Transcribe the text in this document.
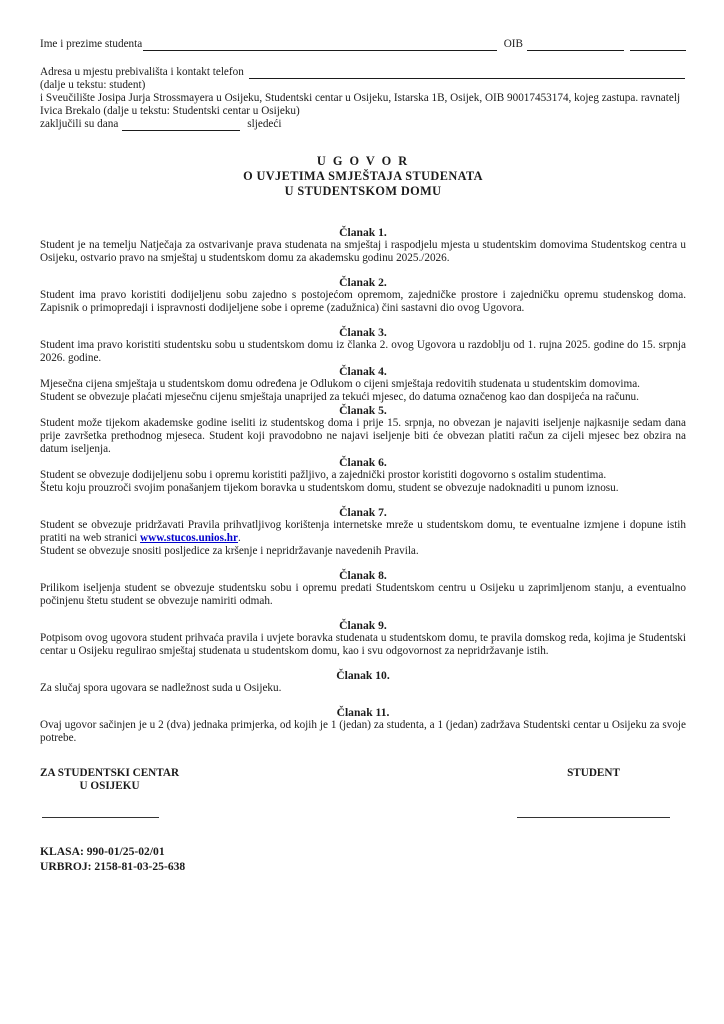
Ime i prezime studenta	OIB
Adresa u mjestu prebivališta i kontakt telefon
(dalje u tekstu: student)
i Sveučilište Josipa Jurja Strossmayera u Osijeku, Studentski centar u Osijeku, Istarska 1B, Osijek, OIB 90017453174, kojeg zastupa. ravnatelj
Ivica Brekalo (dalje u tekstu: Studentski centar u Osijeku)
zaključili su dana	sljedeći
U G O V O R
O UVJETIMA SMJEŠTAJA STUDENATA
U STUDENTSKOM DOMU
Članak 1.

Student je na temelju Natječaja za ostvarivanje prava studenata na smještaj i raspodjelu mjesta u studentskim domovima Studentskog centra u Osijeku, ostvario pravo na smještaj u studentskom domu za akademsku godinu 2025./2026.

Članak 2.

Student ima pravo koristiti dodijeljenu sobu zajedno s postojećom opremom, zajedničke prostore i zajedničku opremu studenskog doma. Zapisnik o primopredaji i ispravnosti dodijeljene sobe i opreme (zadužnica) čini sastavni dio ovog Ugovora.

Članak 3.

Student ima pravo koristiti studentsku sobu u studentskom domu iz članka 2. ovog Ugovora u razdoblju od 1. rujna 2025. godine do 15. srpnja 2026. godine.

Članak 4.

Mjesečna cijena smještaja u studentskom domu određena je Odlukom o cijeni smještaja redovitih studenata u studentskim domovima.

Student se obvezuje plaćati mjesečnu cijenu smještaja unaprijed za tekući mjesec, do datuma označenog kao dan dospijeća na računu.

Članak 5.

Student može tijekom akademske godine iseliti iz studentskog doma i prije 15. srpnja, no obvezan je najaviti iseljenje najkasnije sedam dana prije završetka prethodnog mjeseca. Student koji pravodobno ne najavi iseljenje biti će obvezan platiti račun za cijeli mjesec bez obzira na datum iseljenja.

Članak 6.

Student se obvezuje dodijeljenu sobu i opremu koristiti pažljivo, a zajednički prostor koristiti dogovorno s ostalim studentima.

Štetu koju prouzroči svojim ponašanjem tijekom boravka u studentskom domu, student se obvezuje nadoknaditi u punom iznosu.

Članak 7.

Student se obvezuje pridržavati Pravila prihvatljivog korištenja internetske mreže u studentskom domu, te eventualne izmjene i dopune istih pratiti na web stranici www.stucos.unios.hr.

Student se obvezuje snositi posljedice za kršenje i nepridržavanje navedenih Pravila.

Članak 8.

Prilikom iseljenja student se obvezuje studentsku sobu i opremu predati Studentskom centru u Osijeku u zaprimljenom stanju, a eventualno počinjenu štetu student se obvezuje namiriti odmah.

Članak 9.

Potpisom ovog ugovora student prihvaća pravila i uvjete boravka studenata u studentskom domu, te pravila domskog reda, kojima je Studentski centar u Osijeku regulirao smještaj studenata u studentskom domu, kao i svu odgovornost za nepridržavanje istih.

Članak 10.

Za slučaj spora ugovara se nadležnost suda u Osijeku.

Članak 11.

Ovaj ugovor sačinjen je u 2 (dva) jednaka primjerka, od kojih je 1 (jedan) za studenta, a 1 (jedan) zadržava Studentski centar u Osijeku za svoje potrebe.

ZA STUDENTSKI CENTAR
U OSIJEKU
STUDENT
KLASA: 990-01/25-02/01
URBROJ: 2158-81-03-25-638
